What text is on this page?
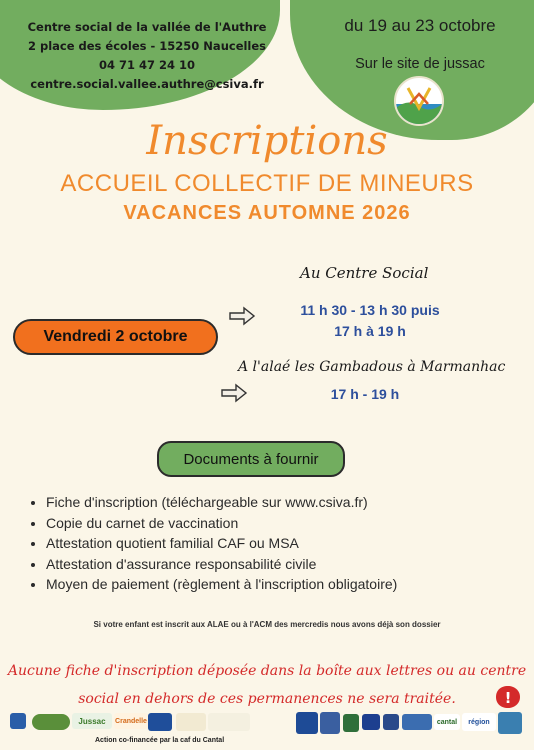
Centre social de la vallée de l'Authre
2 place des écoles - 15250 Naucelles
04 71 47 24 10
centre.social.vallee.authre@csiva.fr

du 19 au 23 octobre

Sur le site de jussac

Inscriptions

ACCUEIL COLLECTIF DE MINEURS

VACANCES AUTOMNE 2026

Vendredi 2 octobre

Au Centre Social

11 h 30 - 13 h 30 puis

17 h à 19 h

A l'alaé les Gambadous à Marmanhac

17 h - 19 h

Documents à fournir
• Fiche d'inscription (téléchargeable sur www.csiva.fr)
• Copie du carnet de vaccination
• Attestation quotient familial CAF ou MSA
• Attestation d'assurance responsabilité civile
• Moyen de paiement (règlement à l'inscription obligatoire)

Si votre enfant est inscrit aux ALAE ou à l'ACM des mercredis nous avons déjà son dossier

Aucune fiche d'inscription déposée dans la boîte aux lettres ou au centre social en dehors de ces permanences ne sera traitée.	!
Jussac Crandelle

Action co-financée par la caf du Cantal

cantal région
